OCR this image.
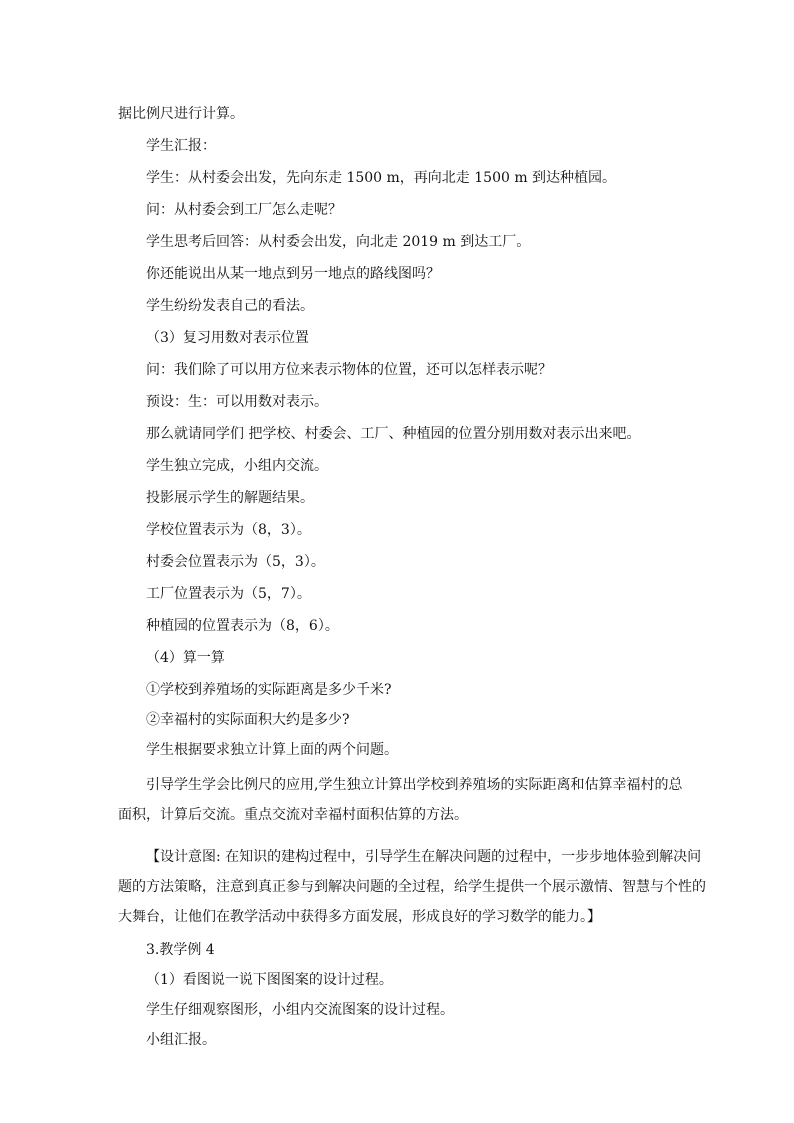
据比例尺进行计算。
学生汇报：
学生：从村委会出发，先向东走 1500 m，再向北走 1500 m 到达种植园。
问：从村委会到工厂怎么走呢？
学生思考后回答：从村委会出发，向北走 2019 m 到达工厂。
你还能说出从某一地点到另一地点的路线图吗？
学生纷纷发表自己的看法。
（3）复习用数对表示位置
问：我们除了可以用方位来表示物体的位置，还可以怎样表示呢？
预设：生：可以用数对表示。
那么就请同学们 把学校、村委会、工厂、种植园的位置分别用数对表示出来吧。
学生独立完成，小组内交流。
投影展示学生的解题结果。
学校位置表示为（8，3）。
村委会位置表示为（5，3）。
工厂位置表示为（5，7）。
种植园的位置表示为（8，6）。
（4）算一算
①学校到养殖场的实际距离是多少千米?
②幸福村的实际面积大约是多少?
学生根据要求独立计算上面的两个问题。
引导学生学会比例尺的应用,学生独立计算出学校到养殖场的实际距离和估算幸福村的总面积，计算后交流。重点交流对幸福村面积估算的方法。
【设计意图: 在知识的建构过程中，引导学生在解决问题的过程中，一步步地体验到解决问题的方法策略，注意到真正参与到解决问题的全过程，给学生提供一个展示激情、智慧与个性的大舞台，让他们在教学活动中获得多方面发展，形成良好的学习数学的能力。】
3.教学例 4
（1）看图说一说下图图案的设计过程。
学生仔细观察图形，小组内交流图案的设计过程。
小组汇报。
